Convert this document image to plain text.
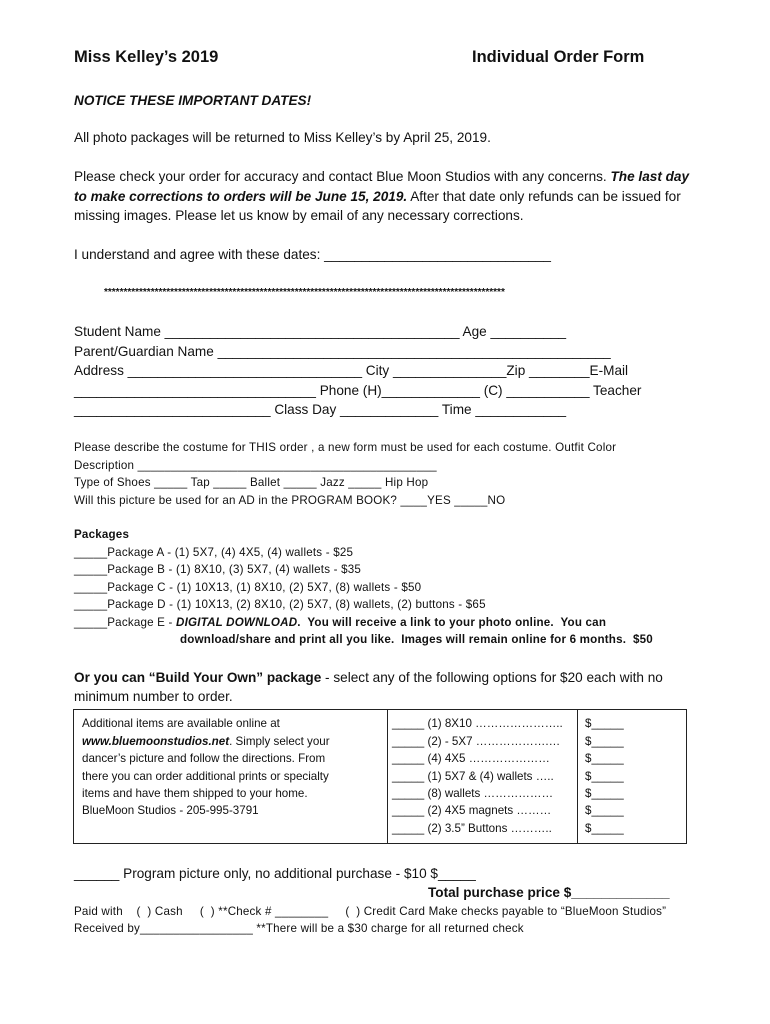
Miss Kelley’s 2019	Individual Order Form
NOTICE THESE IMPORTANT DATES!
All photo packages will be returned to Miss Kelley’s by April 25, 2019.
Please check your order for accuracy and contact Blue Moon Studios with any concerns. The last day
to make corrections to orders will be June 15, 2019. After that date only refunds can be issued for
missing images. Please let us know by email of any necessary corrections.
I understand and agree with these dates: ______________________________
*******************************************************************************************************
Student Name _______________________________________ Age __________
Parent/Guardian Name ____________________________________________________
Address _______________________________ City _______________Zip ________E-Mail
________________________________ Phone (H)_____________ (C) ___________ Teacher
__________________________ Class Day _____________ Time ____________
Please describe the costume for THIS order , a new form must be used for each costume. Outfit Color
Description _____________________________________________
Type of Shoes _____ Tap _____ Ballet _____ Jazz _____ Hip Hop
Will this picture be used for an AD in the PROGRAM BOOK? ____YES _____NO
Packages
_____Package A - (1) 5X7, (4) 4X5, (4) wallets - $25
_____Package B - (1) 8X10, (3) 5X7, (4) wallets - $35
_____Package C - (1) 10X13, (1) 8X10, (2) 5X7, (8) wallets - $50
_____Package D - (1) 10X13, (2) 8X10, (2) 5X7, (8) wallets, (2) buttons - $65
_____Package E - DIGITAL DOWNLOAD.  You will receive a link to your photo online.  You can
download/share and print all you like.  Images will remain online for 6 months.  $50
Or you can “Build Your Own” package - select any of the following options for $20 each with no
minimum number to order.
Additional items are available online at
www.bluemoonstudios.net. Simply select your
dancer’s picture and follow the directions. From
there you can order additional prints or specialty
items and have them shipped to your home.
BlueMoon Studios - 205-995-3791
_____ (1) 8X10 …………………..
_____ (2) - 5X7 ……………….…
_____ (4) 4X5 …………………
_____ (1) 5X7 & (4) wallets …..
_____ (8) wallets ………………
_____ (2) 4X5 magnets ………
_____ (2) 3.5” Buttons ………..
$_____
$_____
$_____
$_____
$_____
$_____
$_____
______ Program picture only, no additional purchase - $10 $_____
Total purchase price $_____________
Paid with    (  ) Cash     (  ) **Check # ________     (  ) Credit Card Make checks payable to “BlueMoon Studios”
Received by_________________ **There will be a $30 charge for all returned check
